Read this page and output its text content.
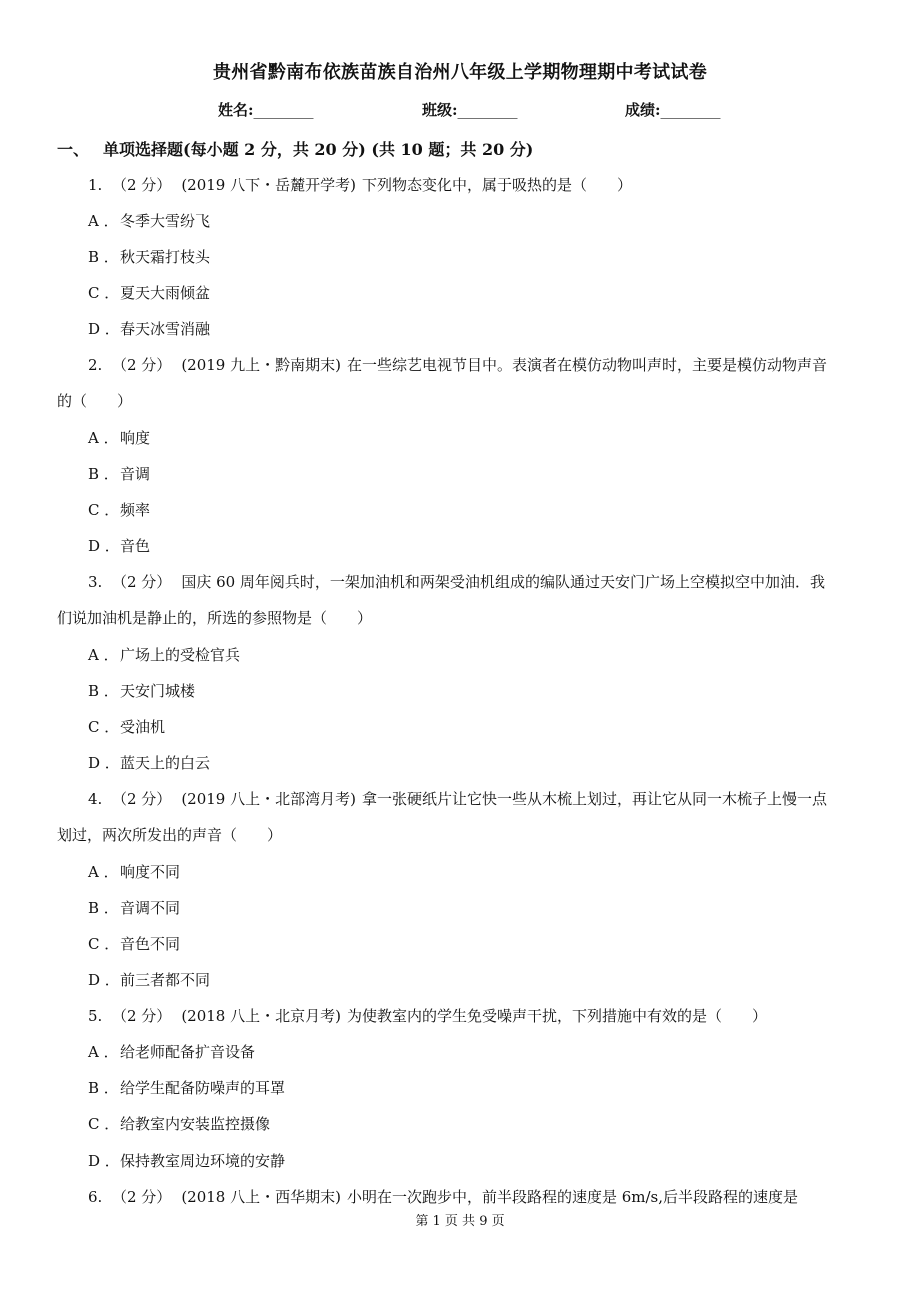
贵州省黔南布依族苗族自治州八年级上学期物理期中考试试卷
姓名:________	班级:________	成绩:________
一、 单项选择题(每小题 2 分，共 20 分) (共 10 题；共 20 分)
1. （2 分） (2019 八下・岳麓开学考) 下列物态变化中，属于吸热的是（　　）
A ．冬季大雪纷飞
B ．秋天霜打枝头
C ．夏天大雨倾盆
D ．春天冰雪消融
2. （2 分） (2019 九上・黔南期末) 在一些综艺电视节目中。表演者在模仿动物叫声时，主要是模仿动物声音
的（　　）
A ．响度
B ．音调
C ．频率
D ．音色
3. （2 分） 国庆 60 周年阅兵时，一架加油机和两架受油机组成的编队通过天安门广场上空模拟空中加油．我
们说加油机是静止的，所选的参照物是（　　）
A ．广场上的受检官兵
B ．天安门城楼
C ．受油机
D ．蓝天上的白云
4. （2 分） (2019 八上・北部湾月考) 拿一张硬纸片让它快一些从木梳上划过，再让它从同一木梳子上慢一点
划过，两次所发出的声音（　　）
A ．响度不同
B ．音调不同
C ．音色不同
D ．前三者都不同
5. （2 分） (2018 八上・北京月考) 为使教室内的学生免受噪声干扰，下列措施中有效的是（　　）
A ．给老师配备扩音设备
B ．给学生配备防噪声的耳罩
C ．给教室内安装监控摄像
D ．保持教室周边环境的安静
6. （2 分） (2018 八上・西华期末) 小明在一次跑步中，前半段路程的速度是 6m/s,后半段路程的速度是
第 1 页 共 9 页
